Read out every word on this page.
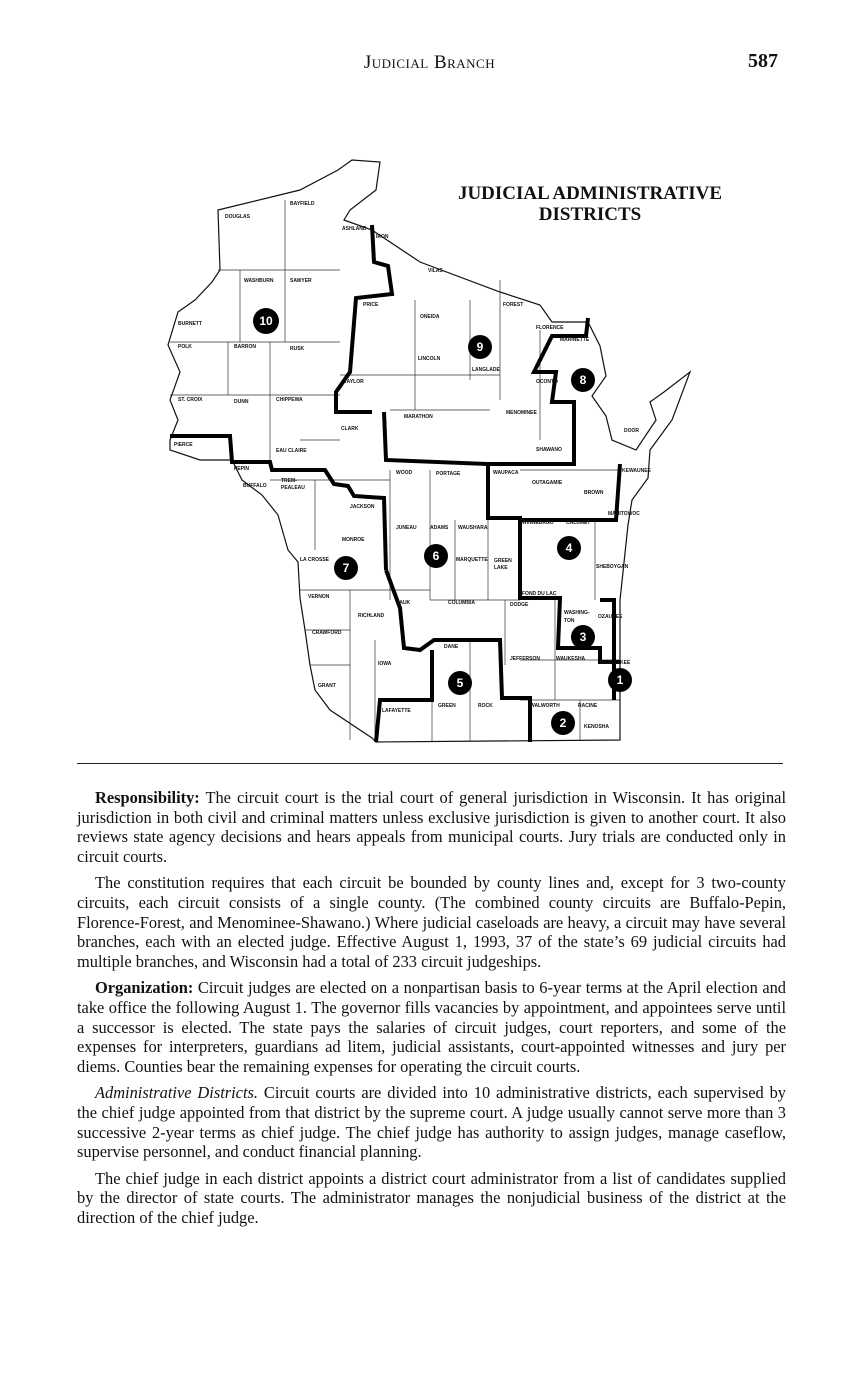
Judicial Branch	587
JUDICIAL ADMINISTRATIVE
DISTRICTS
DOUGLAS
BAYFIELD
ASHLAND
IRON
VILAS
WASHBURN	SAWYER
BURNETT
PRICE
ONEIDA
FOREST
FLORENCE
MARINETTE
POLK	BARRON	RUSK
LINCOLN
LANGLADE
OCONTO
TAYLOR
ST. CROIX	DUNN	CHIPPEWA
MARATHON
MENOMINEE
PIERCE
CLARK
SHAWANO
EAU CLAIRE
DOOR
KEWAUNEE
PEPIN
BUFFALO
TREM-
PEALEAU
WOOD	PORTAGE	WAUPACA
OUTAGAMIE
BROWN
JACKSON
MANITOWOC
JUNEAU	ADAMS WAUSHARA
WINNEBAGO CALUMET
MONROE
LA CROSSE	MARQUETTE GREEN
LAKE	SHEBOYGAN
FOND DU LAC
VERNON
SAUK	COLUMBIA	DODGE
WASHING-
TON
OZAUKEE
RICHLAND
CRAWFORD
DANE
IOWA
JEFFERSON	WAUKESHA
MILWAUKEE
GRANT
LAFAYETTE
GREEN	ROCK	WALWORTH	RACINE
KENOSHA
1
2
3
4
5
6
7
8
9
10

Responsibility: The circuit court is the trial court of general jurisdiction in Wisconsin. It has original jurisdiction in both civil and criminal matters unless exclusive jurisdiction is given to another court. It also reviews state agency decisions and hears appeals from municipal courts. Jury trials are conducted only in circuit courts.

The constitution requires that each circuit be bounded by county lines and, except for 3 two-county circuits, each circuit consists of a single county. (The combined county circuits are Buffalo-Pepin, Florence-Forest, and Menominee-Shawano.) Where judicial caseloads are heavy, a circuit may have several branches, each with an elected judge. Effective August 1, 1993, 37 of the state’s 69 judicial circuits had multiple branches, and Wisconsin had a total of 233 circuit judgeships.

Organization: Circuit judges are elected on a nonpartisan basis to 6-year terms at the April election and take office the following August 1. The governor fills vacancies by appointment, and appointees serve until a successor is elected. The state pays the salaries of circuit judges, court reporters, and some of the expenses for interpreters, guardians ad litem, judicial assistants, court-appointed witnesses and jury per diems. Counties bear the remaining expenses for operating the circuit courts.

Administrative Districts. Circuit courts are divided into 10 administrative districts, each supervised by the chief judge appointed from that district by the supreme court. A judge usually cannot serve more than 3 successive 2-year terms as chief judge. The chief judge has authority to assign judges, manage caseflow, supervise personnel, and conduct financial planning.

The chief judge in each district appoints a district court administrator from a list of candidates supplied by the director of state courts. The administrator manages the nonjudicial business of the district at the direction of the chief judge.
